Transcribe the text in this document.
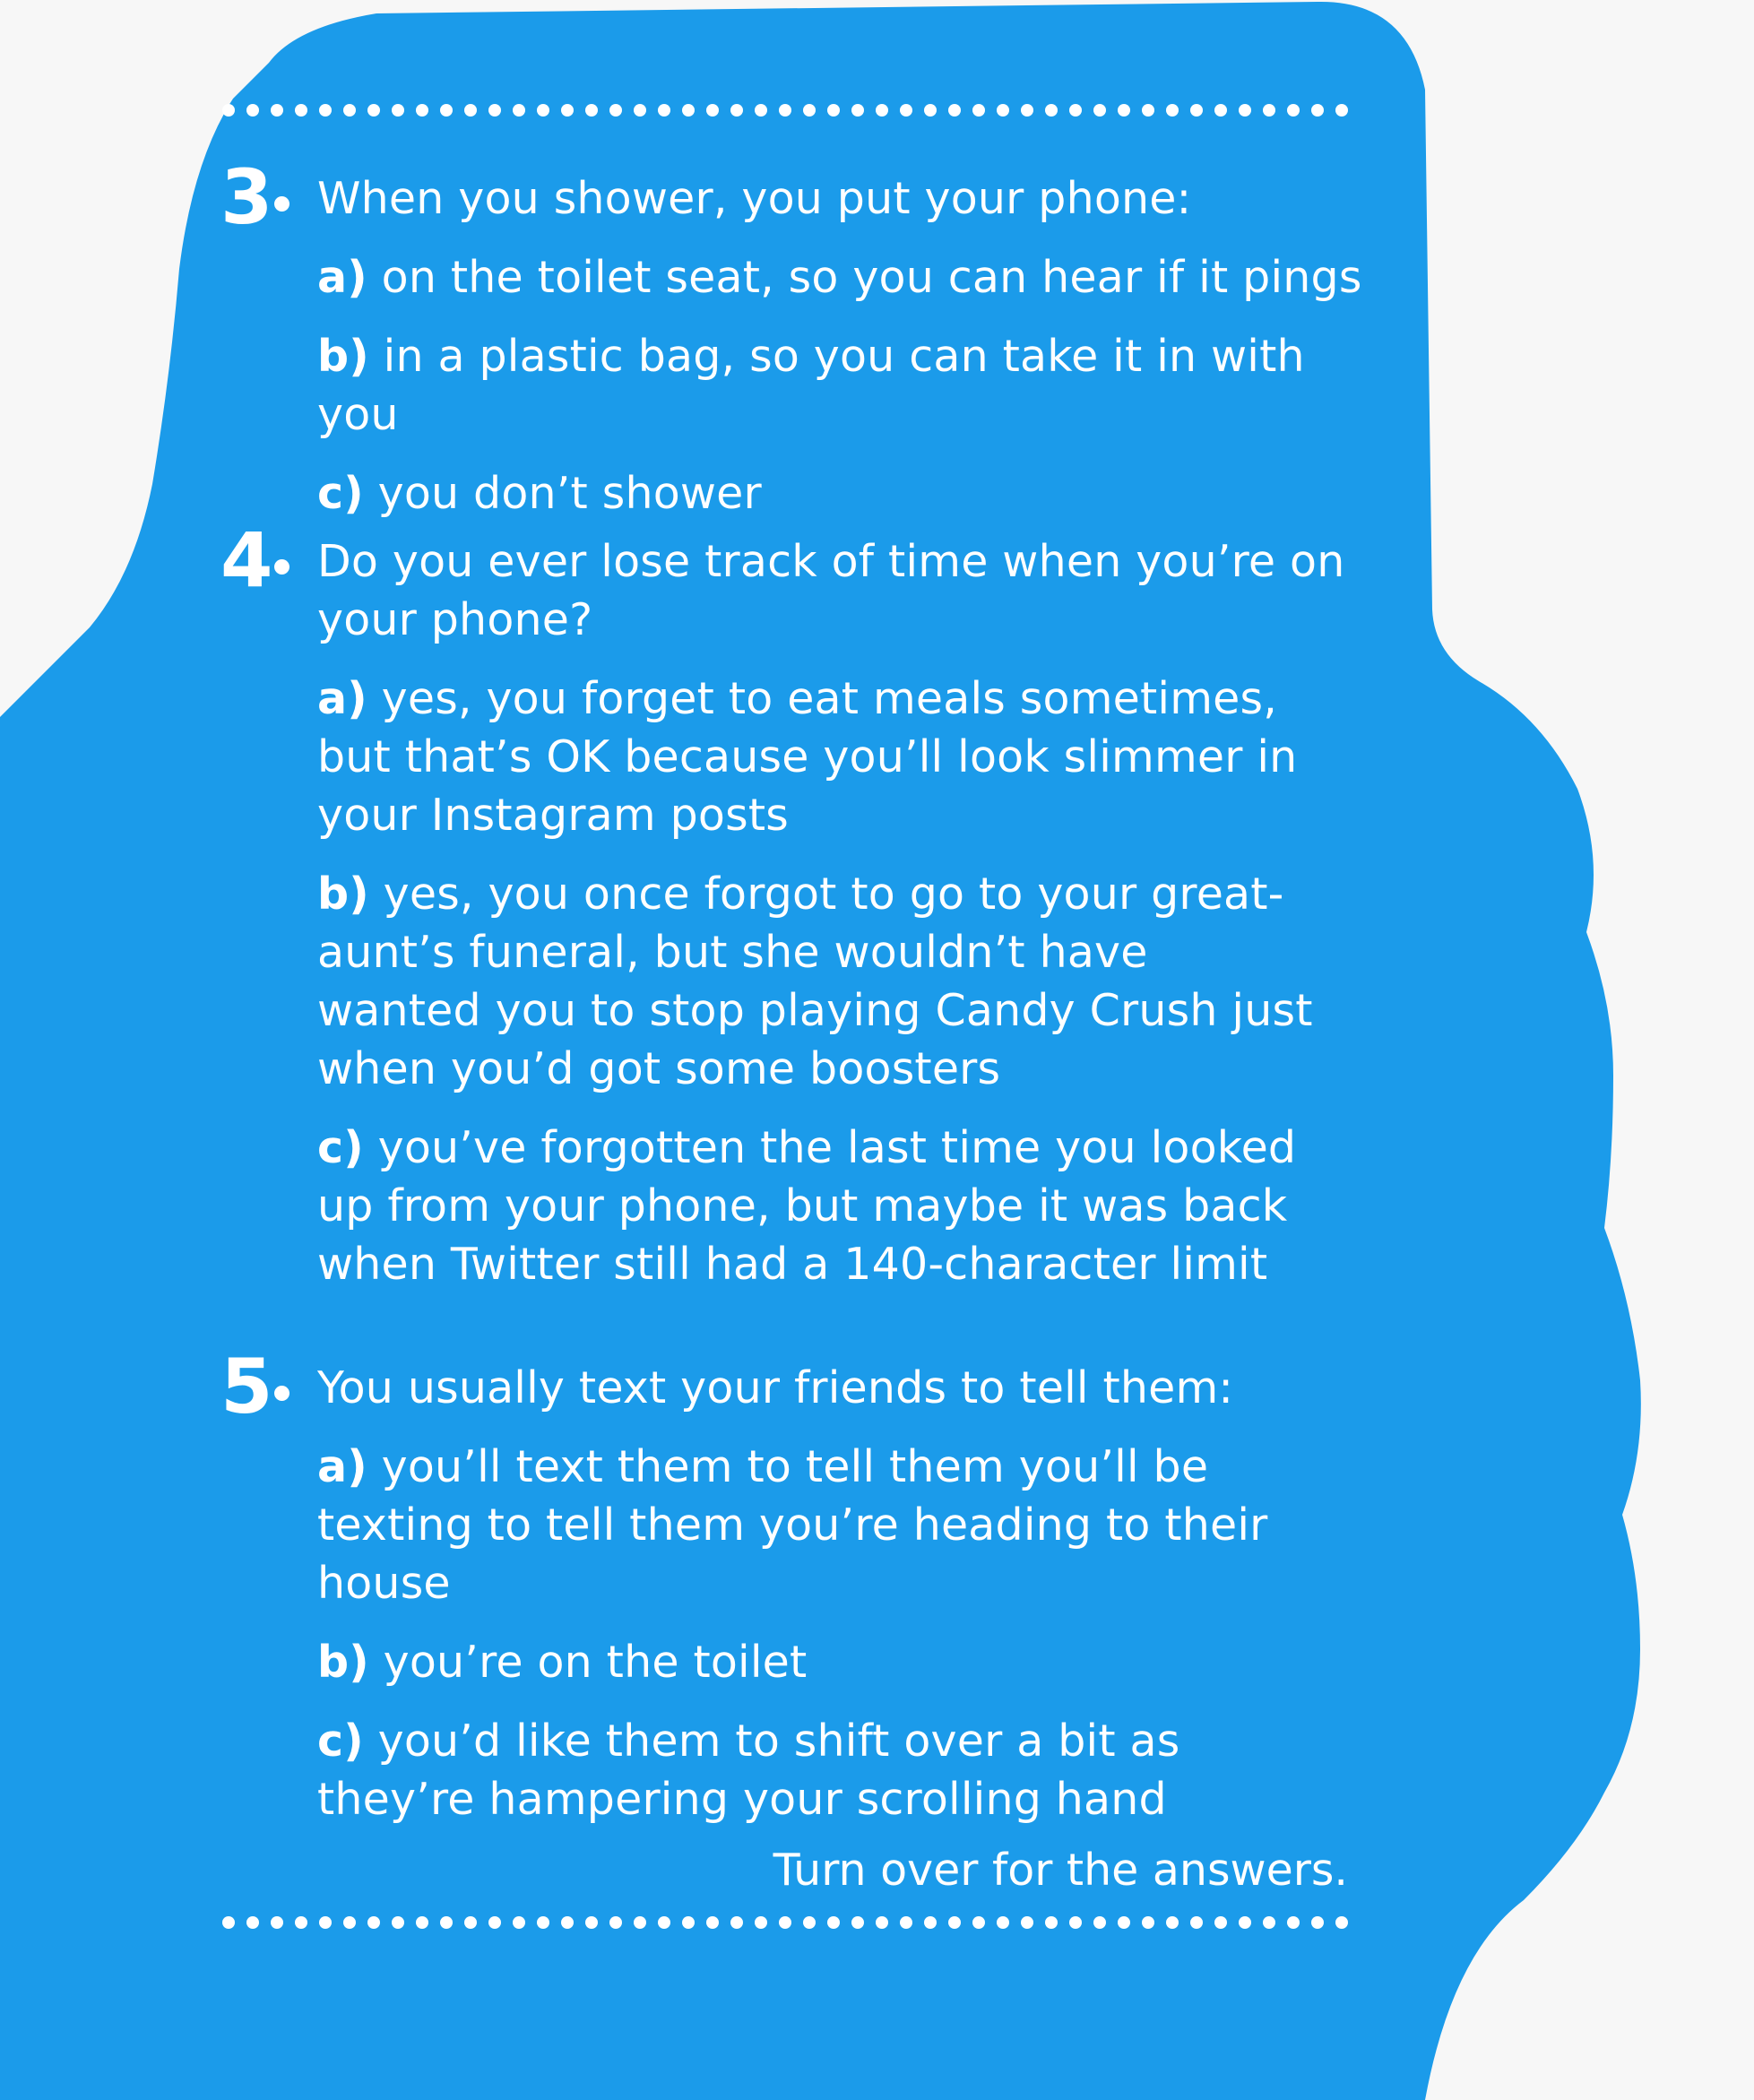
3 When you shower, you put your phone:
a) on the toilet seat, so you can hear if it pings
b) in a plastic bag, so you can take it in with you
c) you don’t shower
4 Do you ever lose track of time when you’re on your phone?
a) yes, you forget to eat meals sometimes, but that’s OK because you’ll look slimmer in your Instagram posts
b) yes, you once forgot to go to your great-aunt’s funeral, but she wouldn’t have wanted you to stop playing Candy Crush just when you’d got some boosters
c) you’ve forgotten the last time you looked up from your phone, but maybe it was back when Twitter still had a 140-character limit
5 You usually text your friends to tell them:
a) you’ll text them to tell them you’ll be texting to tell them you’re heading to their house
b) you’re on the toilet
c) you’d like them to shift over a bit as they’re hampering your scrolling hand
Turn over for the answers.
